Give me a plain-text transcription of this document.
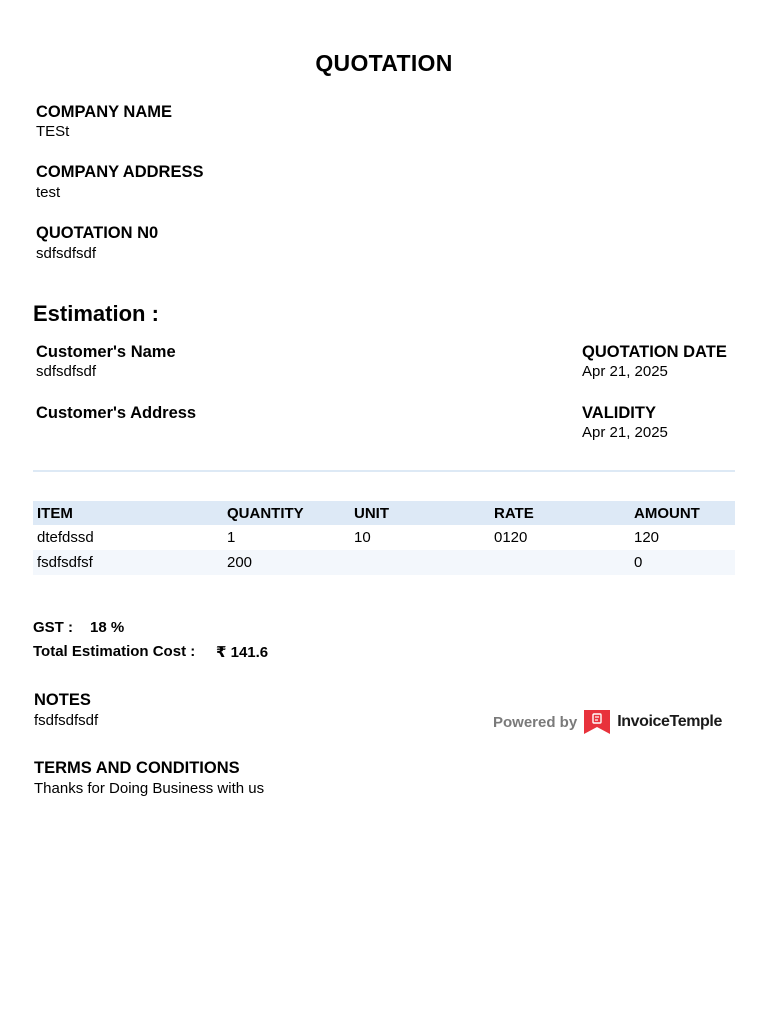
QUOTATION
COMPANY NAME
TESt
COMPANY ADDRESS
test
QUOTATION N0
sdfsdfsdf
Estimation :
Customer's Name
sdfsdfsdf
Customer's Address
QUOTATION DATE
Apr 21, 2025
VALIDITY
Apr 21, 2025
ITEM	QUANTITY	UNIT	RATE	AMOUNT
dtefdssd	1	10	0120	120
fsdfsdfsf	200			0
GST : 18 %
Total Estimation Cost : ₹ 141.6
NOTES
fsdfsdfsdf	Powered by	InvoiceTemple
TERMS AND CONDITIONS
Thanks for Doing Business with us
